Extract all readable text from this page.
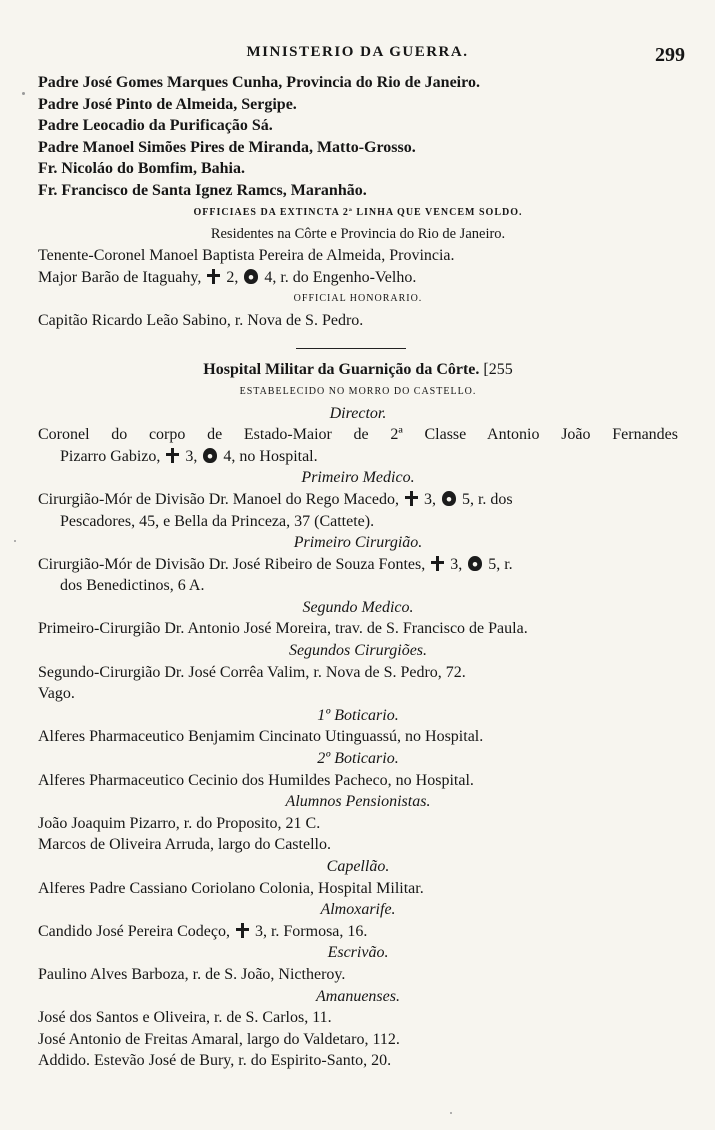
MINISTERIO DA GUERRA.	299
Padre José Gomes Marques Cunha, Provincia do Rio de Janeiro.
Padre José Pinto de Almeida, Sergipe.
Padre Leocadio da Purificação Sá.
Padre Manoel Simões Pires de Miranda, Matto-Grosso.
Fr. Nicoláo do Bomfim, Bahia.
Fr. Francisco de Santa Ignez Ramcs, Maranhão.
OFFICIAES DA EXTINCTA 2ª LINHA QUE VENCEM SOLDO.
Residentes na Côrte e Provincia do Rio de Janeiro.
Tenente-Coronel Manoel Baptista Pereira de Almeida, Provincia.
Major Barão de Itaguahy, 2, 4, r. do Engenho-Velho.
OFFICIAL HONORARIO.
Capitão Ricardo Leão Sabino, r. Nova de S. Pedro.
Hospital Militar da Guarnição da Côrte. [255
ESTABELECIDO NO MORRO DO CASTELLO.
Director.
Coronel do corpo de Estado-Maior de 2ª Classe Antonio João Fernandes
Pizarro Gabizo, 3, 4, no Hospital.
Primeiro Medico.
Cirurgião-Mór de Divisão Dr. Manoel do Rego Macedo, 3, 5, r. dos
Pescadores, 45, e Bella da Princeza, 37 (Cattete).
Primeiro Cirurgião.
Cirurgião-Mór de Divisão Dr. José Ribeiro de Souza Fontes, 3, 5, r.
dos Benedictinos, 6 A.
Segundo Medico.
Primeiro-Cirurgião Dr. Antonio José Moreira, trav. de S. Francisco de Paula.
Segundos Cirurgiões.
Segundo-Cirurgião Dr. José Corrêa Valim, r. Nova de S. Pedro, 72.
Vago.
1º Boticario.
Alferes Pharmaceutico Benjamim Cincinato Utinguassú, no Hospital.
2º Boticario.
Alferes Pharmaceutico Cecinio dos Humildes Pacheco, no Hospital.
Alumnos Pensionistas.
João Joaquim Pizarro, r. do Proposito, 21 C.
Marcos de Oliveira Arruda, largo do Castello.
Capellão.
Alferes Padre Cassiano Coriolano Colonia, Hospital Militar.
Almoxarife.
Candido José Pereira Codeço, 3, r. Formosa, 16.
Escrivão.
Paulino Alves Barboza, r. de S. João, Nictheroy.
Amanuenses.
José dos Santos e Oliveira, r. de S. Carlos, 11.
José Antonio de Freitas Amaral, largo do Valdetaro, 112.
Addido. Estevão José de Bury, r. do Espirito-Santo, 20.
